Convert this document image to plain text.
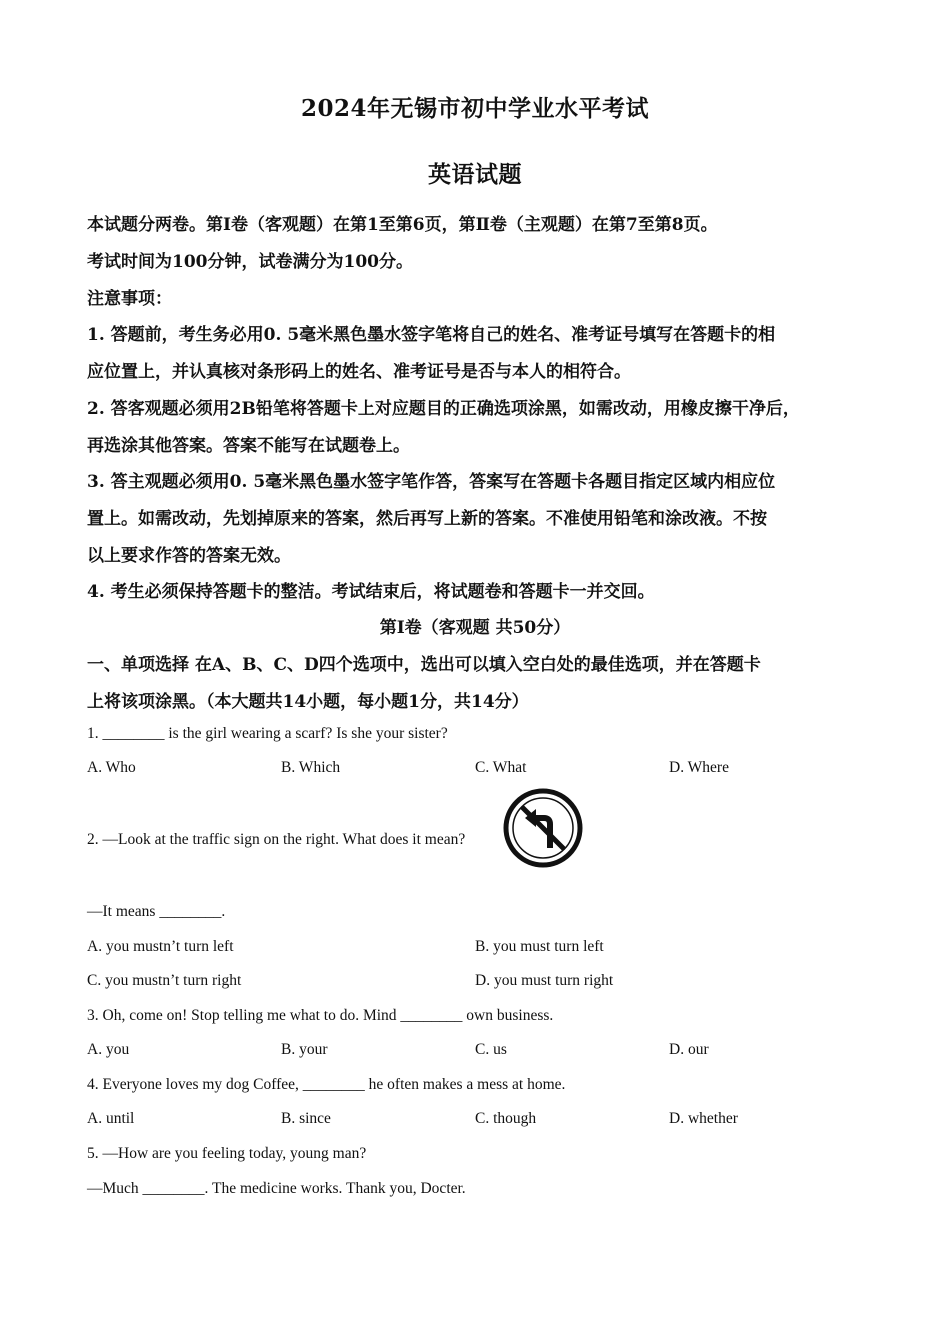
2024年无锡市初中学业水平考试
英语试题
本试题分两卷。第Ⅰ卷（客观题）在第1至第6页，第Ⅱ卷（主观题）在第7至第8页。
考试时间为100分钟，试卷满分为100分。
注意事项：
1. 答题前，考生务必用0. 5毫米黑色墨水签字笔将自己的姓名、准考证号填写在答题卡的相
应位置上，并认真核对条形码上的姓名、准考证号是否与本人的相符合。
2. 答客观题必须用2B铅笔将答题卡上对应题目的正确选项涂黑，如需改动，用橡皮擦干净后，
再选涂其他答案。答案不能写在试题卷上。
3. 答主观题必须用0. 5毫米黑色墨水签字笔作答，答案写在答题卡各题目指定区域内相应位
置上。如需改动，先划掉原来的答案，然后再写上新的答案。不准使用铅笔和涂改液。不按
以上要求作答的答案无效。
4. 考生必须保持答题卡的整洁。考试结束后，将试题卷和答题卡一并交回。
第Ⅰ卷（客观题 共50分）
一、单项选择 在A、B、C、D四个选项中，选出可以填入空白处的最佳选项，并在答题卡
上将该项涂黑。（本大题共14小题，每小题1分，共14分）
1. ________ is the girl wearing a scarf? Is she your sister?
A. Who	B. Which	C. What	D. Where
2. —Look at the traffic sign on the right. What does it mean?
—It means ________.
A. you mustn’t turn left	B. you must turn left
C. you mustn’t turn right	D. you must turn right
3. Oh, come on! Stop telling me what to do. Mind ________ own business.
A. you	B. your	C. us	D. our
4. Everyone loves my dog Coffee, ________ he often makes a mess at home.
A. until	B. since	C. though	D. whether
5. —How are you feeling today, young man?
—Much ________. The medicine works. Thank you, Docter.
